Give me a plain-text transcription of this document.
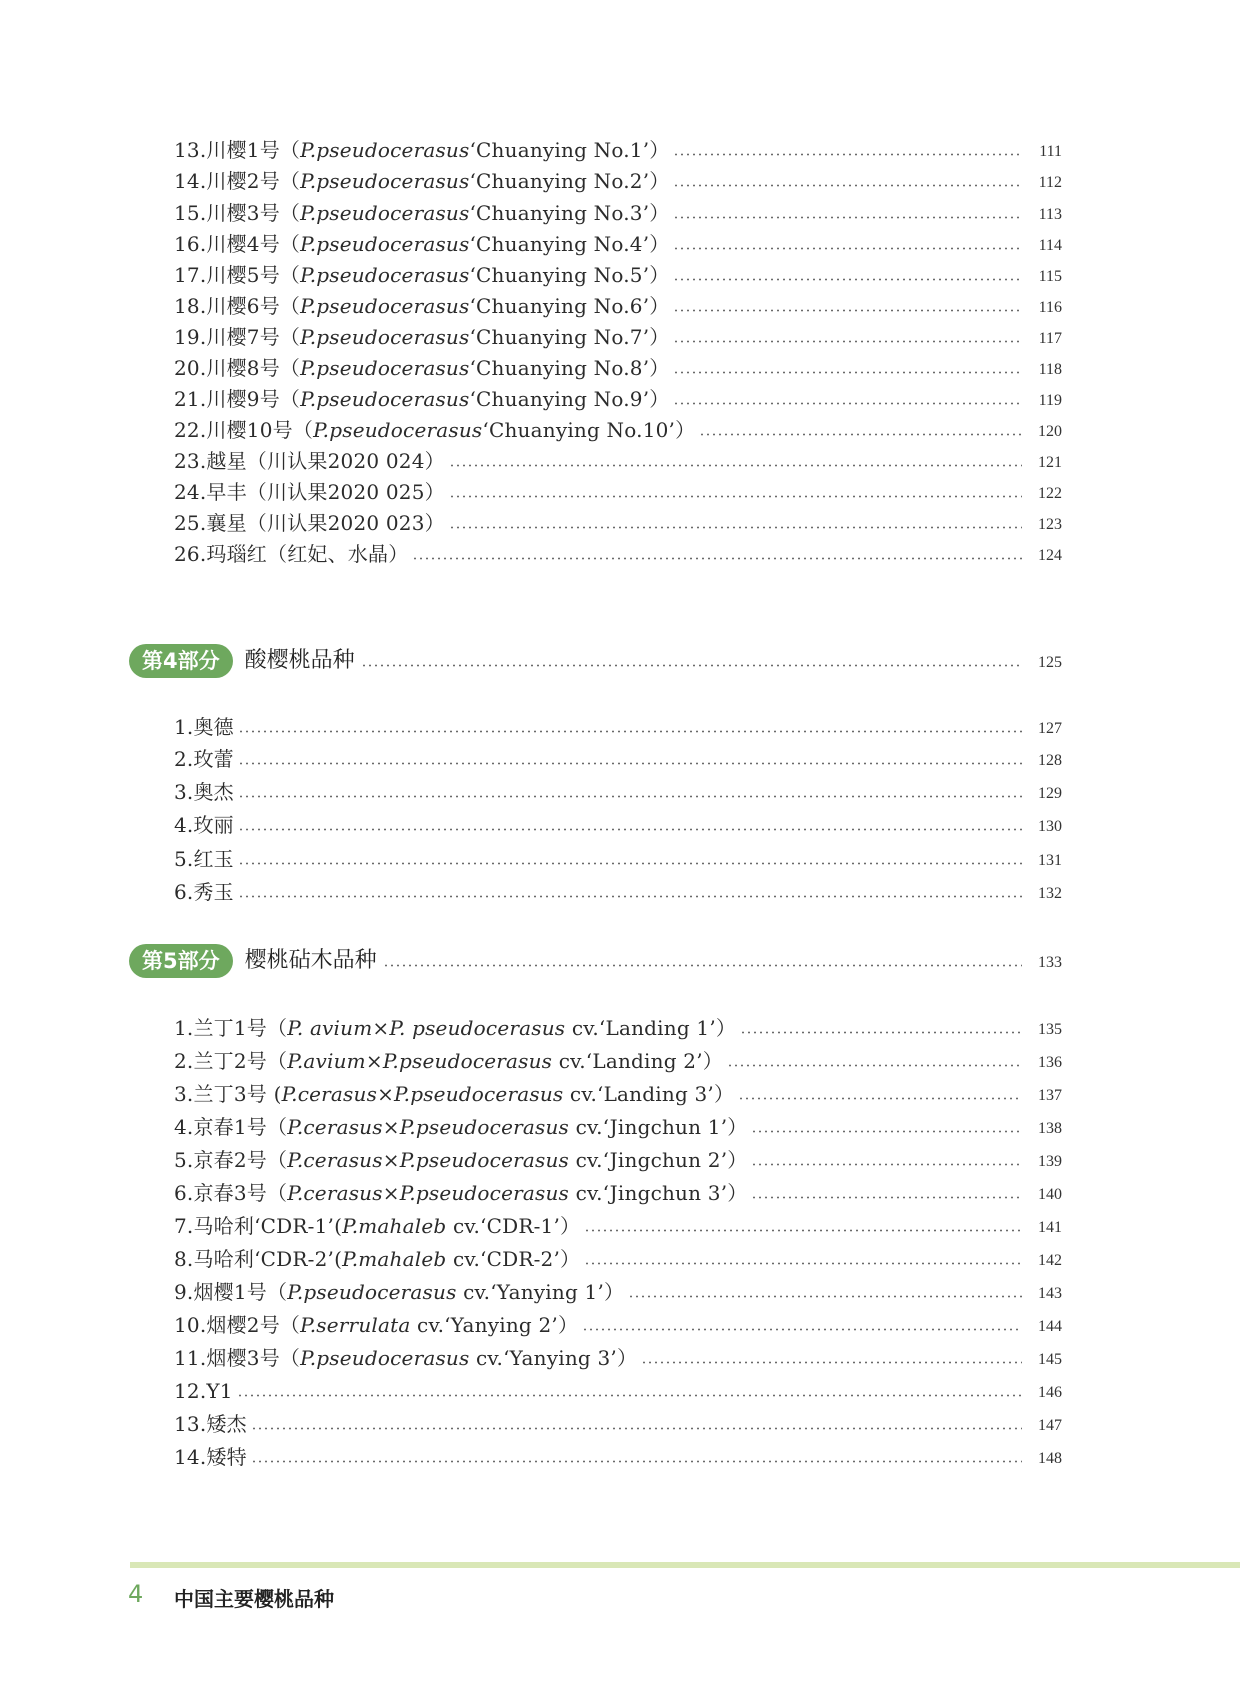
13.川樱1号（P.pseudocerasus‘Chuanying No.1’）	111
14.川樱2号（P.pseudocerasus‘Chuanying No.2’）	112
15.川樱3号（P.pseudocerasus‘Chuanying No.3’）	113
16.川樱4号（P.pseudocerasus‘Chuanying No.4’）	114
17.川樱5号（P.pseudocerasus‘Chuanying No.5’）	115
18.川樱6号（P.pseudocerasus‘Chuanying No.6’）	116
19.川樱7号（P.pseudocerasus‘Chuanying No.7’）	117
20.川樱8号（P.pseudocerasus‘Chuanying No.8’）	118
21.川樱9号（P.pseudocerasus‘Chuanying No.9’）	119
22.川樱10号（P.pseudocerasus‘Chuanying No.10’）	120
23.越星（川认果2020 024）	121
24.早丰（川认果2020 025）	122
25.襄星（川认果2020 023）	123
26.玛瑙红（红妃、水晶）	124
第4部分	酸樱桃品种	125
1.奥德	127
2.玫蕾	128
3.奥杰	129
4.玫丽	130
5.红玉	131
6.秀玉	132
第5部分	樱桃砧木品种	133
1.兰丁1号（P. avium×P. pseudocerasus cv.‘Landing 1’）	135
2.兰丁2号（P.avium×P.pseudocerasus cv.‘Landing 2’）	136
3.兰丁3号 (P.cerasus×P.pseudocerasus cv.‘Landing 3’）	137
4.京春1号（P.cerasus×P.pseudocerasus cv.‘Jingchun 1’）	138
5.京春2号（P.cerasus×P.pseudocerasus cv.‘Jingchun 2’）	139
6.京春3号（P.cerasus×P.pseudocerasus cv.‘Jingchun 3’）	140
7.马哈利‘CDR-1’(P.mahaleb cv.‘CDR-1’）	141
8.马哈利‘CDR-2’(P.mahaleb cv.‘CDR-2’）	142
9.烟樱1号（P.pseudocerasus cv.‘Yanying 1’）	143
10.烟樱2号（P.serrulata cv.‘Yanying 2’）	144
11.烟樱3号（P.pseudocerasus cv.‘Yanying 3’）	145
12.Y1	146
13.矮杰	147
14.矮特	148
4 中国主要樱桃品种
